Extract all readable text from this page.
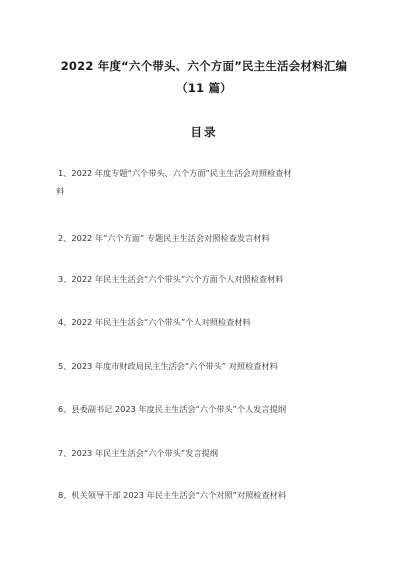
2022 年度“六个带头、六个方面”民主生活会材料汇编
（11 篇）
目录
1、2022 年度专题“六个带头、六个方面”民主生活会对照检查材
料
2、2022 年“六个方面” 专题民主生活会对照检查发言材料
3、2022 年民主生活会“六个带头”六个方面个人对照检查材料
4、2022 年民主生活会“六个带头”个人对照检查材料
5、2023 年度市财政局民主生活会“六个带头” 对照检查材料
6、县委副书记 2023 年度民主生活会“六个带头”个人发言提纲
7、2023 年民主生活会“六个带头”发言提纲
8、机关领导干部 2023 年民主生活会“六个对照”对照检查材料
